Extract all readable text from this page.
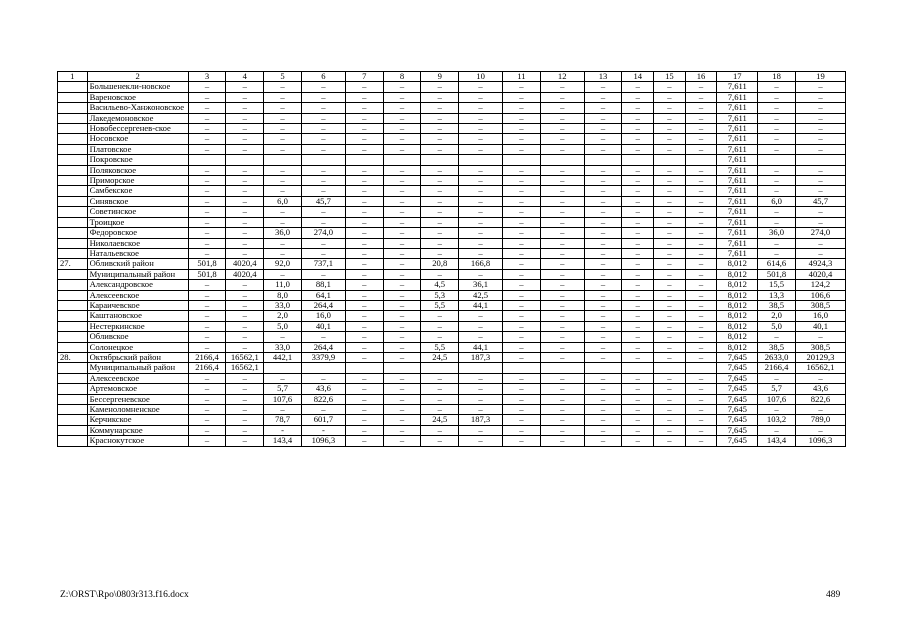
1	2	3	4	5	6	7	8	9	10	11	12	13	14	15	16	17	18	19
	Большенекли-новское	–	–	–	–	–	–	–	–	–	–	–	–	–	–	7,611	–	–
	Вареновское	–	–	–	–	–	–	–	–	–	–	–	–	–	–	7,611	–	–
	Васильево-Ханжоновское	–	–	–	–	–	–	–	–	–	–	–	–	–	–	7,611	–	–
	Лакедемоновское	–	–	–	–	–	–	–	–	–	–	–	–	–	–	7,611	–	–
	Новобессергенев-ское	–	–	–	–	–	–	–	–	–	–	–	–	–	–	7,611	–	–
	Носовское	–	–	–	–	–	–	–	–	–	–	–	–	–	–	7,611	–	–
	Платовское	–	–	–	–	–	–	–	–	–	–	–	–	–	–	7,611	–	–
	Покровское															7,611		
	Поляковское	–	–	–	–	–	–	–	–	–	–	–	–	–	–	7,611	–	–
	Приморское	–	–	–	–	–	–	–	–	–	–	–	–	–	–	7,611	–	–
	Самбекское	–	–	–	–	–	–	–	–	–	–	–	–	–	–	7,611	–	–
	Синявское	–	–	6,0	45,7	–	–	–	–	–	–	–	–	–	–	7,611	6,0	45,7
	Советинское	–	–	–	–	–	–	–	–	–	–	–	–	–	–	7,611	–	–
	Троицкое	–	–	–	–	–	–	–	–	–	–	–	–	–	–	7,611	–	–
	Федоровское	–	–	36,0	274,0	–	–	–	–	–	–	–	–	–	–	7,611	36,0	274,0
	Николаевское	–	–	–	–	–	–	–	–	–	–	–	–	–	–	7,611	–	–
	Натальевское	–	–	–	–	–	–	–	–	–	–	–	–	–	–	7,611	–	–
27.	Обливский район	501,8	4020,4	92,0	737,1	–	–	20,8	166,8	–	–	–	–	–	–	8,012	614,6	4924,3
	Муниципальный район	501,8	4020,4	–	–	–	–	–	–	–	–	–	–	–	–	8,012	501,8	4020,4
	Александровское	–	–	11,0	88,1	–	–	4,5	36,1	–	–	–	–	–	–	8,012	15,5	124,2
	Алексеевское	–	–	8,0	64,1	–	–	5,3	42,5	–	–	–	–	–	–	8,012	13,3	106,6
	Караичевское	–	–	33,0	264,4	–	–	5,5	44,1	–	–	–	–	–	–	8,012	38,5	308,5
	Каштановское	–	–	2,0	16,0	–	–	–	–	–	–	–	–	–	–	8,012	2,0	16,0
	Нестеркинское	–	–	5,0	40,1	–	–	–	–	–	–	–	–	–	–	8,012	5,0	40,1
	Обливское	–	–	–	–	–	–	–	–	–	–	–	–	–	–	8,012	–	–
	Солонецкое	–	–	33,0	264,4	–	–	5,5	44,1	–	–	–	–	–	–	8,012	38,5	308,5
28.	Октябрьский район	2166,4	16562,1	442,1	3379,9	–	–	24,5	187,3	–	–	–	–	–	–	7,645	2633,0	20129,3
	Муниципальный район	2166,4	16562,1													7,645	2166,4	16562,1
	Алексеевское	–	–	–	–	–	–	–	–	–	–	–	–	–	–	7,645	–	–
	Артемовское	–	–	5,7	43,6	–	–	–	–	–	–	–	–	–	–	7,645	5,7	43,6
	Бессергеневское	–	–	107,6	822,6	–	–	–	–	–	–	–	–	–	–	7,645	107,6	822,6
	Каменоломненское	–	–	–	–	–	–	–	–	–	–	–	–	–	–	7,645	–	–
	Керчикское	–	–	78,7	601,7	–	–	24,5	187,3	–	–	–	–	–	–	7,645	103,2	789,0
	Коммунарское	–	–	-	-	–	–	–	–	–	–	–	–	–	–	7,645	–	–
	Краснокутское	–	–	143,4	1096,3	–	–	–	–	–	–	–	–	–	–	7,645	143,4	1096,3
Z:\ORST\Rpo\0803r313.f16.docx	489
